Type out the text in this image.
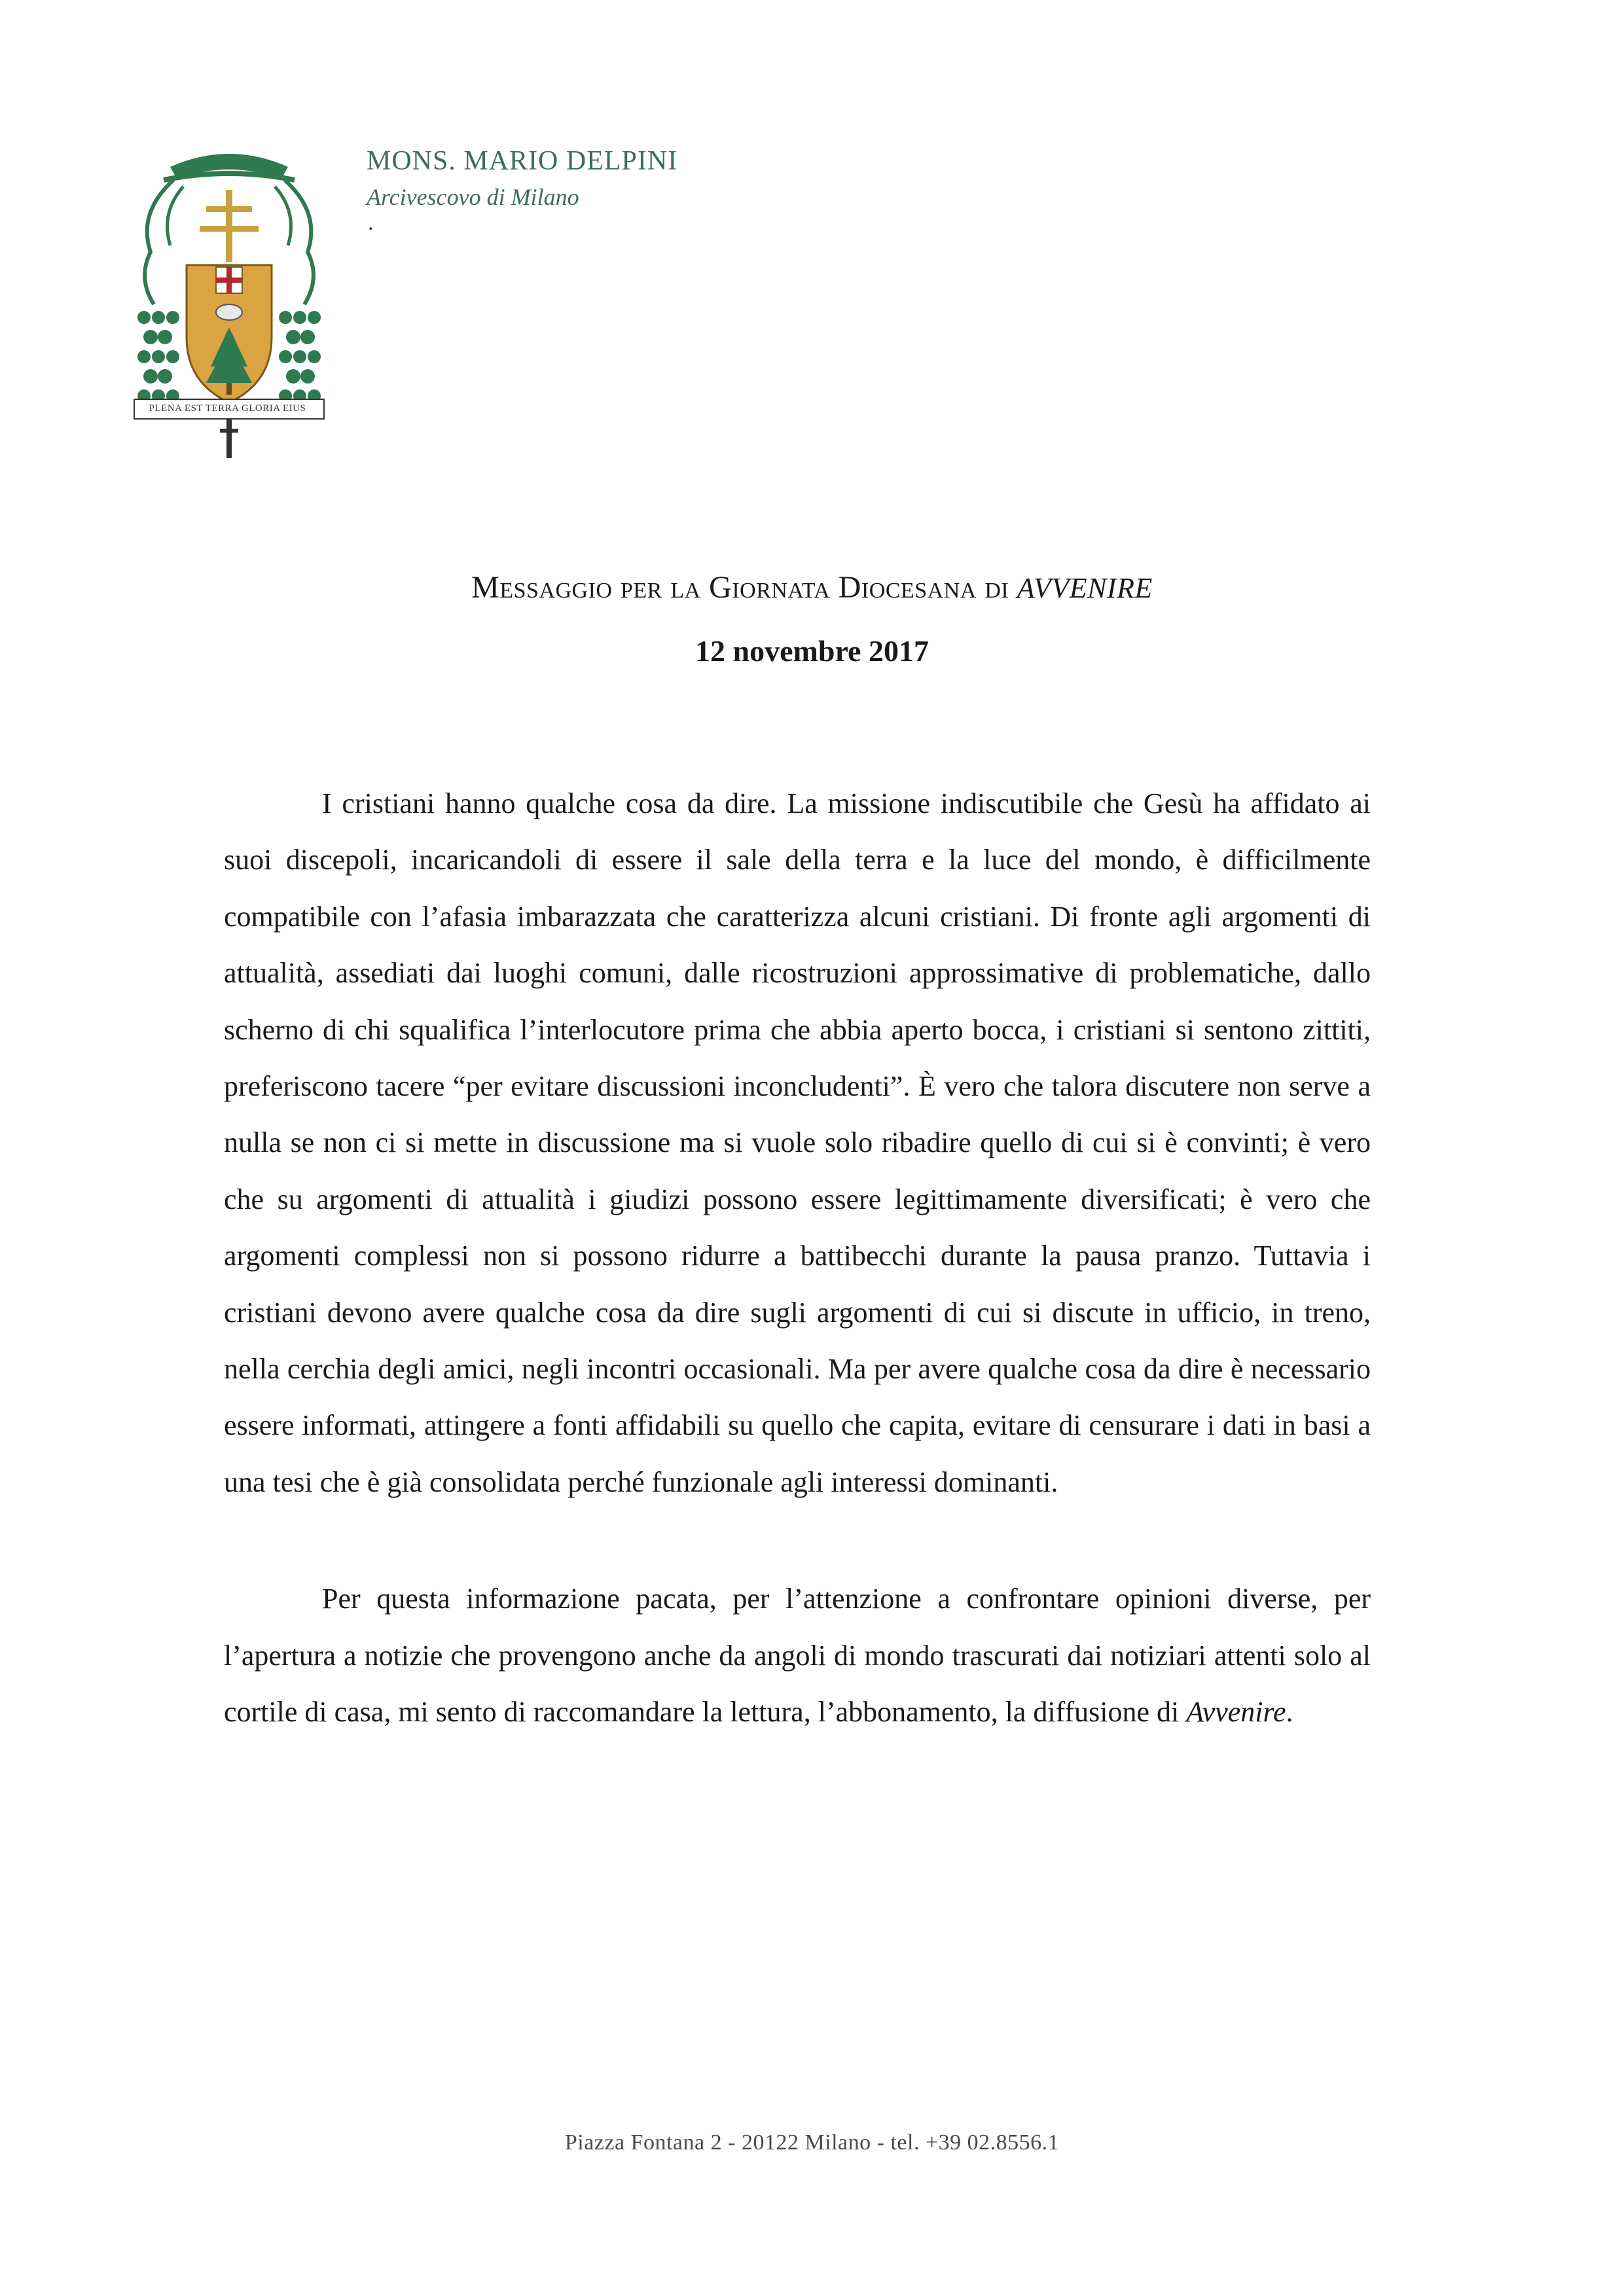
PLENA EST TERRA GLORIA EIUS
MONS. MARIO DELPINI
Arcivescovo di Milano
.
Messaggio per la Giornata Diocesana di AVVENIRE
12 novembre 2017

I cristiani hanno qualche cosa da dire. La missione indiscutibile che Gesù ha affidato ai suoi discepoli, incaricandoli di essere il sale della terra e la luce del mondo, è difficilmente compatibile con l’afasia imbarazzata che caratterizza alcuni cristiani. Di fronte agli argomenti di attualità, assediati dai luoghi comuni, dalle ricostruzioni approssimative di problematiche, dallo scherno di chi squalifica l’interlocutore prima che abbia aperto bocca, i cristiani si sentono zittiti, preferiscono tacere “per evitare discussioni inconcludenti”. È vero che talora discutere non serve a nulla se non ci si mette in discussione ma si vuole solo ribadire quello di cui si è convinti; è vero che su argomenti di attualità i giudizi possono essere legittimamente diversificati; è vero che argomenti complessi non si possono ridurre a battibecchi durante la pausa pranzo. Tuttavia i cristiani devono avere qualche cosa da dire sugli argomenti di cui si discute in ufficio, in treno, nella cerchia degli amici, negli incontri occasionali. Ma per avere qualche cosa da dire è necessario essere informati, attingere a fonti affidabili su quello che capita, evitare di censurare i dati in basi a una tesi che è già consolidata perché funzionale agli interessi dominanti.

Per questa informazione pacata, per l’attenzione a confrontare opinioni diverse, per l’apertura a notizie che provengono anche da angoli di mondo trascurati dai notiziari attenti solo al cortile di casa, mi sento di raccomandare la lettura, l’abbonamento, la diffusione di Avvenire.

Piazza Fontana 2 - 20122 Milano - tel. +39 02.8556.1
